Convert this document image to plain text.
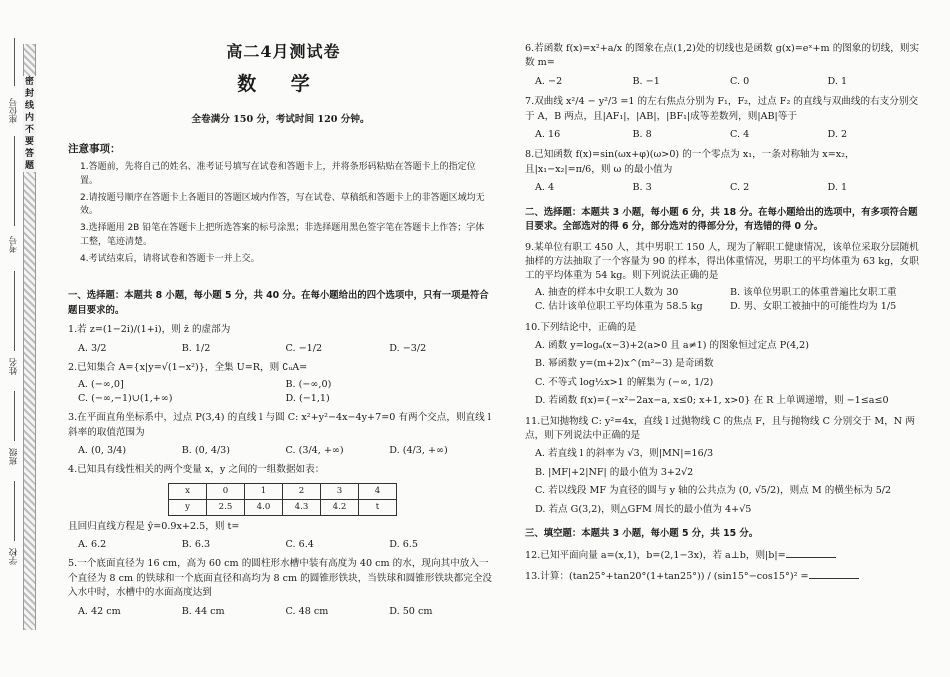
密 封 线 内 不 要 答 题
座位号
考号
姓名
班级
学校
高二4月测试卷
数 学
全卷满分 150 分，考试时间 120 分钟。
注意事项：
1.答题前，先将自己的姓名、准考证号填写在试卷和答题卡上，并将条形码粘贴在答题卡上的指定位置。
2.请按题号顺序在答题卡上各题目的答题区域内作答，写在试卷、草稿纸和答题卡上的非答题区域均无效。
3.选择题用 2B 铅笔在答题卡上把所选答案的标号涂黑；非选择题用黑色签字笔在答题卡上作答；字体工整，笔迹清楚。
4.考试结束后，请将试卷和答题卡一并上交。
一、选择题：本题共 8 小题，每小题 5 分，共 40 分。在每小题给出的四个选项中，只有一项是符合题目要求的。
1.若 z=(1−2i)/(1+i)，则 z̄ 的虚部为
A. 3/2	B. 1/2	C. −1/2	D. −3/2
2.已知集合 A={x|y=√(1−x²)}，全集 U=R，则 ∁ᵤA=
A. (−∞,0]	B. (−∞,0)
C. (−∞,−1)∪(1,+∞)	D. (−1,1)
3.在平面直角坐标系中，过点 P(3,4) 的直线 l 与圆 C: x²+y²−4x−4y+7=0 有两个交点，则直线 l 斜率的取值范围为
A. (0, 3/4)	B. (0, 4/3)	C. (3/4, +∞)	D. (4/3, +∞)
4.已知具有线性相关的两个变量 x，y 之间的一组数据如表：
x	0	1	2	3	4
y	2.5	4.0	4.3	4.2	t
且回归直线方程是 ŷ=0.9x+2.5，则 t=
A. 6.2	B. 6.3	C. 6.4	D. 6.5
5.一个底面直径为 16 cm，高为 60 cm 的圆柱形水槽中装有高度为 40 cm 的水，现向其中放入一个直径为 8 cm 的铁球和一个底面直径和高均为 8 cm 的圆锥形铁块，当铁球和圆锥形铁块都完全没入水中时，水槽中的水面高度达到
A. 42 cm	B. 44 cm	C. 48 cm	D. 50 cm
6.若函数 f(x)=x²+a/x 的图象在点(1,2)处的切线也是函数 g(x)=eˣ+m 的图象的切线，则实数 m=
A. −2	B. −1	C. 0	D. 1
7.双曲线 x²/4 − y²/3 =1 的左右焦点分别为 F₁，F₂，过点 F₂ 的直线与双曲线的右支分别交于 A，B 两点，且|AF₁|，|AB|，|BF₁|成等差数列，则|AB|等于
A. 16	B. 8	C. 4	D. 2
8.已知函数 f(x)=sin(ωx+φ)(ω>0) 的一个零点为 x₁，一条对称轴为 x=x₂，且|x₁−x₂|=π/6，则 ω 的最小值为
A. 4	B. 3	C. 2	D. 1
二、选择题：本题共 3 小题，每小题 6 分，共 18 分。在每小题给出的选项中，有多项符合题目要求。全部选对的得 6 分，部分选对的得部分分，有选错的得 0 分。
9.某单位有职工 450 人，其中男职工 150 人，现为了解职工健康情况，该单位采取分层随机抽样的方法抽取了一个容量为 90 的样本，得出体重情况，男职工的平均体重为 63 kg，女职工的平均体重为 54 kg。则下列说法正确的是
A. 抽查的样本中女职工人数为 30	B. 该单位男职工的体重普遍比女职工重
C. 估计该单位职工平均体重为 58.5 kg	D. 男、女职工被抽中的可能性均为 1/5
10.下列结论中，正确的是
A. 函数 y=logₐ(x−3)+2(a>0 且 a≠1) 的图象恒过定点 P(4,2)
B. 幂函数 y=(m+2)x^(m²−3) 是奇函数
C. 不等式 log½x>1 的解集为 (−∞, 1/2)
D. 若函数 f(x)={−x²−2ax−a, x≤0; x+1, x>0} 在 R 上单调递增，则 −1≤a≤0
11.已知抛物线 C: y²=4x，直线 l 过抛物线 C 的焦点 F，且与抛物线 C 分别交于 M，N 两点，则下列说法中正确的是
A. 若直线 l 的斜率为 √3，则|MN|=16/3
B. |MF|+2|NF| 的最小值为 3+2√2
C. 若以线段 MF 为直径的圆与 y 轴的公共点为 (0, √5/2)，则点 M 的横坐标为 5/2
D. 若点 G(3,2)，则△GFM 周长的最小值为 4+√5
三、填空题：本题共 3 小题，每小题 5 分，共 15 分。
12.已知平面向量 a=(x,1)，b=(2,1−3x)，若 a⊥b，则|b|=
13.计算：(tan25°+tan20°(1+tan25°)) / (sin15°−cos15°)² =
